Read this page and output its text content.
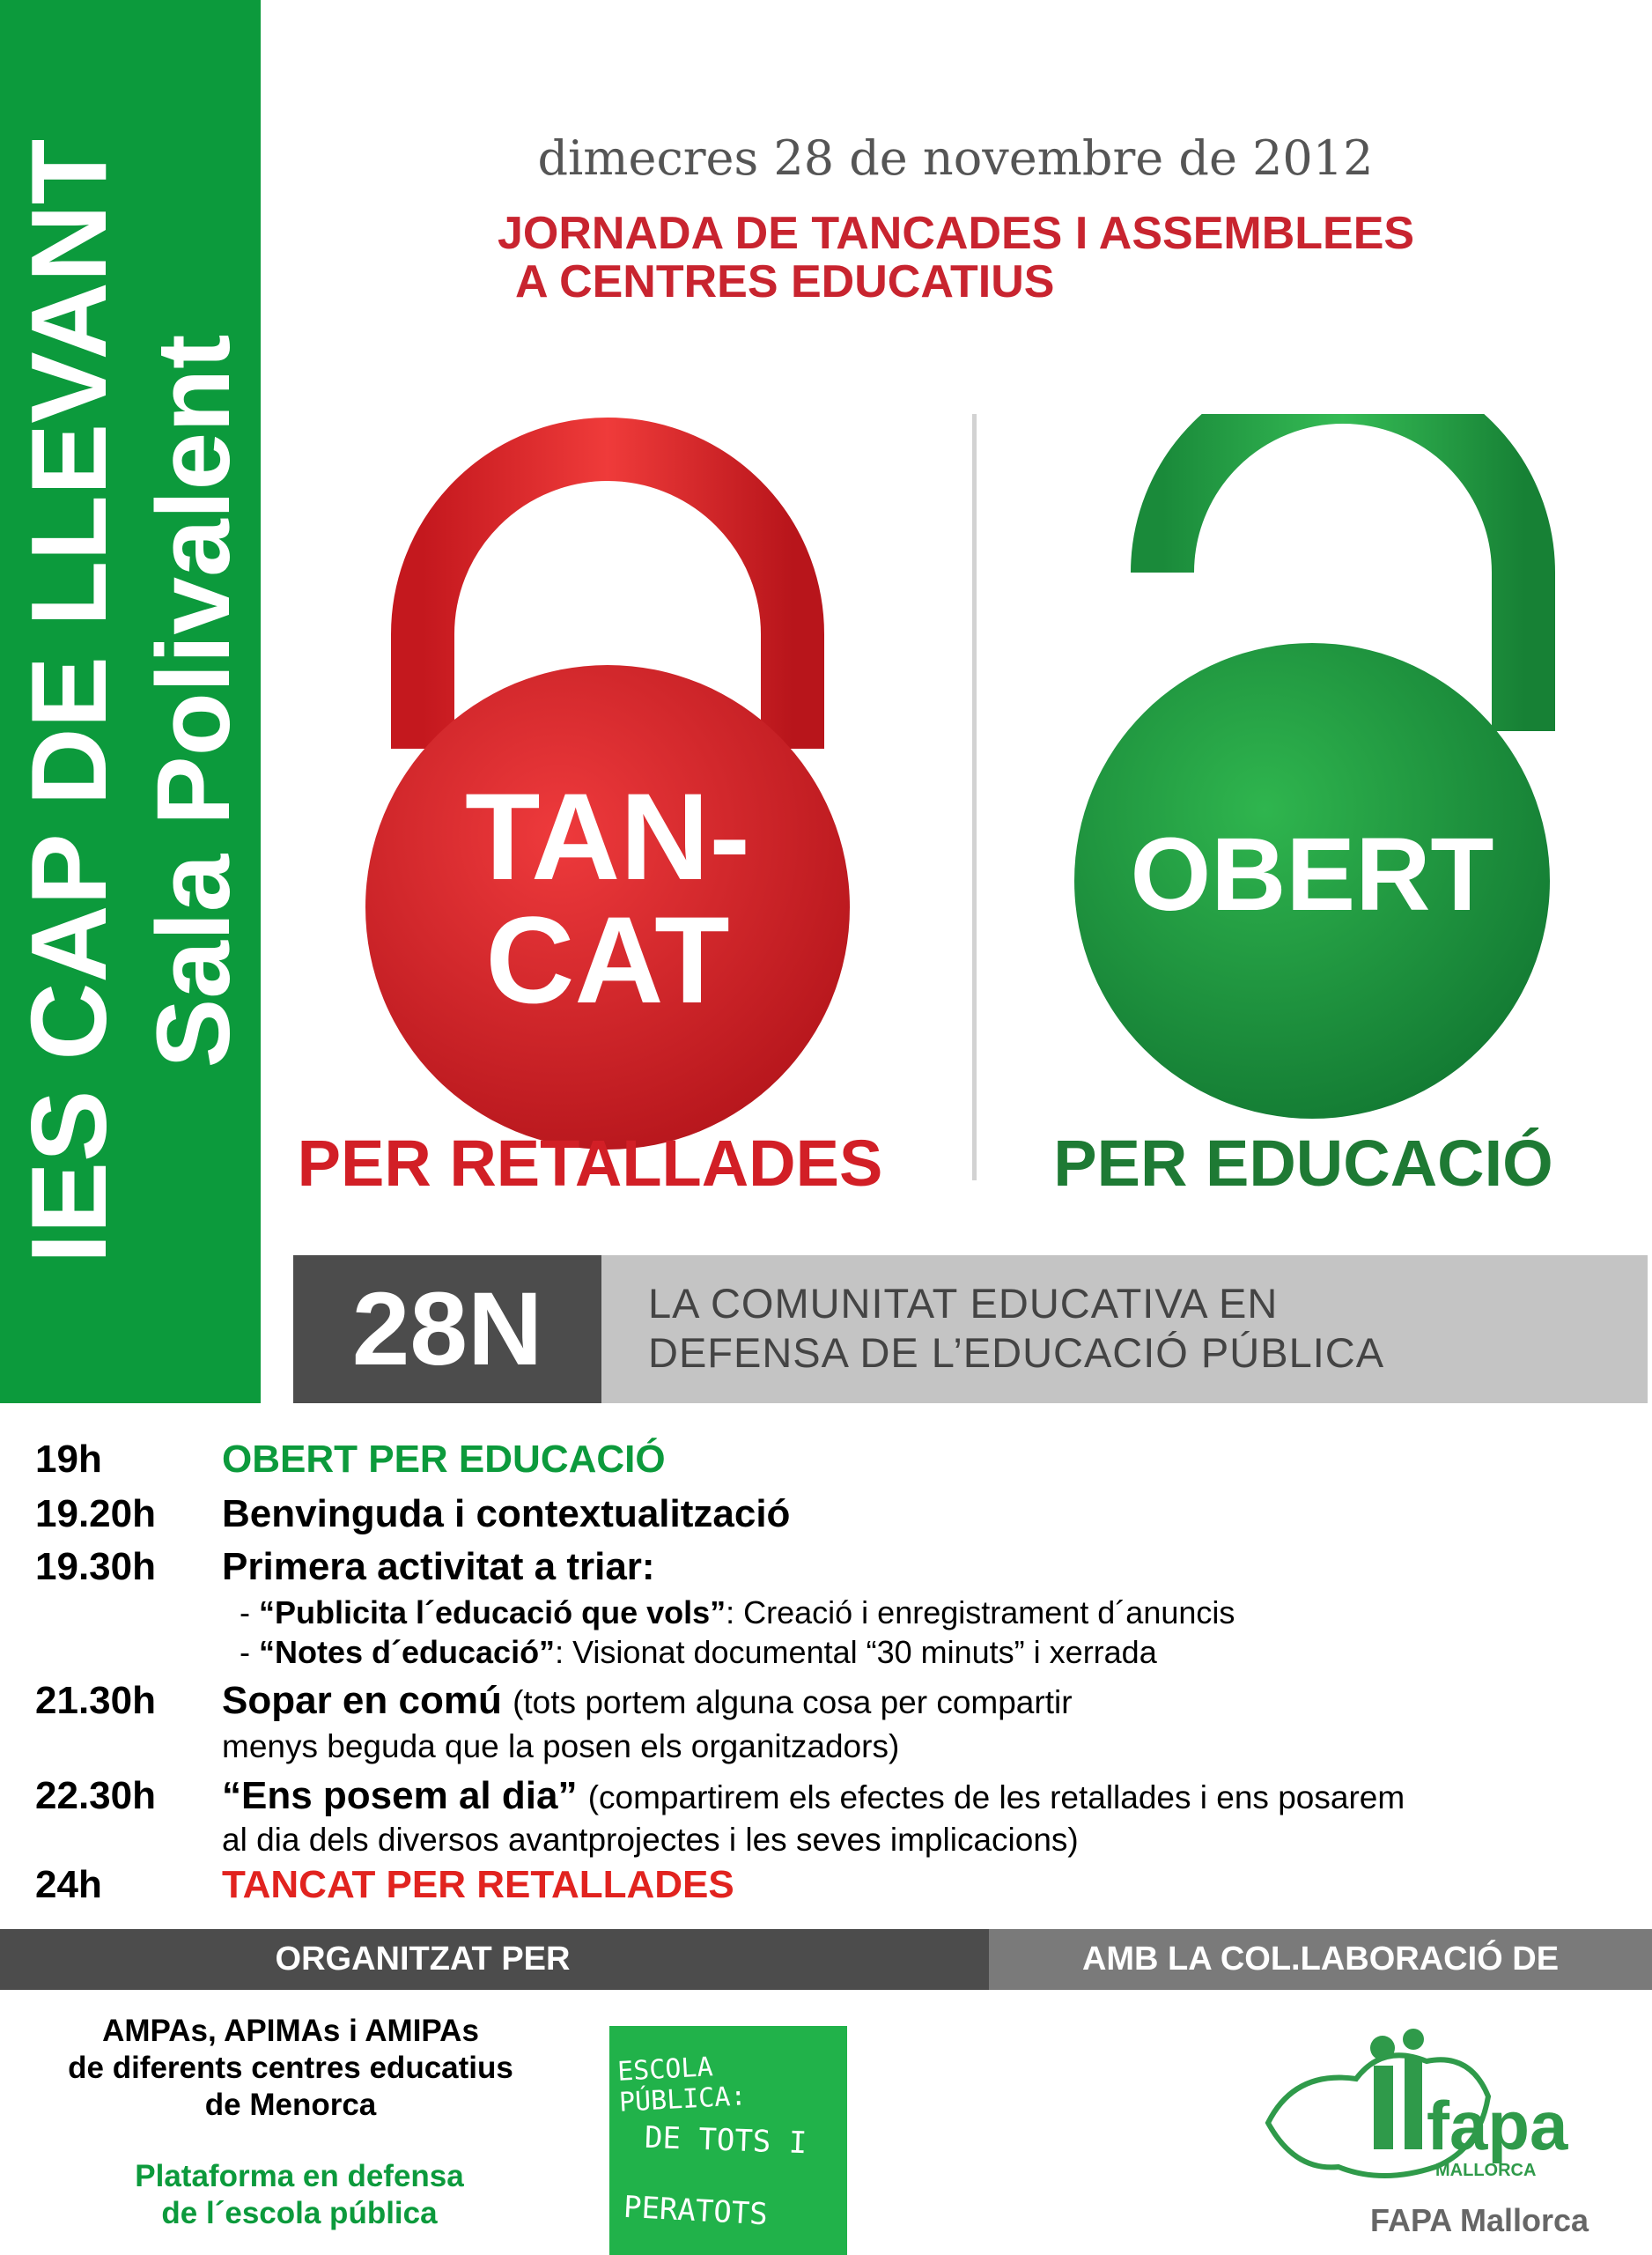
IES CAP DE LLEVANT Sala Polivalent
dimecres 28 de novembre de 2012
JORNADA DE TANCADES I ASSEMBLEES
A CENTRES EDUCATIUS
TAN-
CAT
PER RETALLADES
OBERT
PER EDUCACIÓ
28N	LA COMUNITAT EDUCATIVA EN
DEFENSA DE L’EDUCACIÓ PÚBLICA
19h	OBERT PER EDUCACIÓ
19.20h Benvinguda i contextualització
19.30h Primera activitat a triar:
- “Publicita l´educació que vols”: Creació i enregistrament d´anuncis
- “Notes d´educació”: Visionat documental “30 minuts” i xerrada
21.30h Sopar en comú (tots portem alguna cosa per compartir
menys beguda que la posen els organitzadors)
22.30h “Ens posem al dia” (compartirem els efectes de les retallades i ens posarem
al dia dels diversos avantprojectes i les seves implicacions)
24h	TANCAT PER RETALLADES
ORGANITZAT PER	AMB LA COL.LABORACIÓ DE
AMPAs, APIMAs i AMIPAs
de diferents centres educatius
de Menorca
Plataforma en defensa
de l´escola pública
ESCOLA PÚBLICA:
DE TOTS I
PERATOTS
fapa
MALLORCA
FAPA Mallorca
